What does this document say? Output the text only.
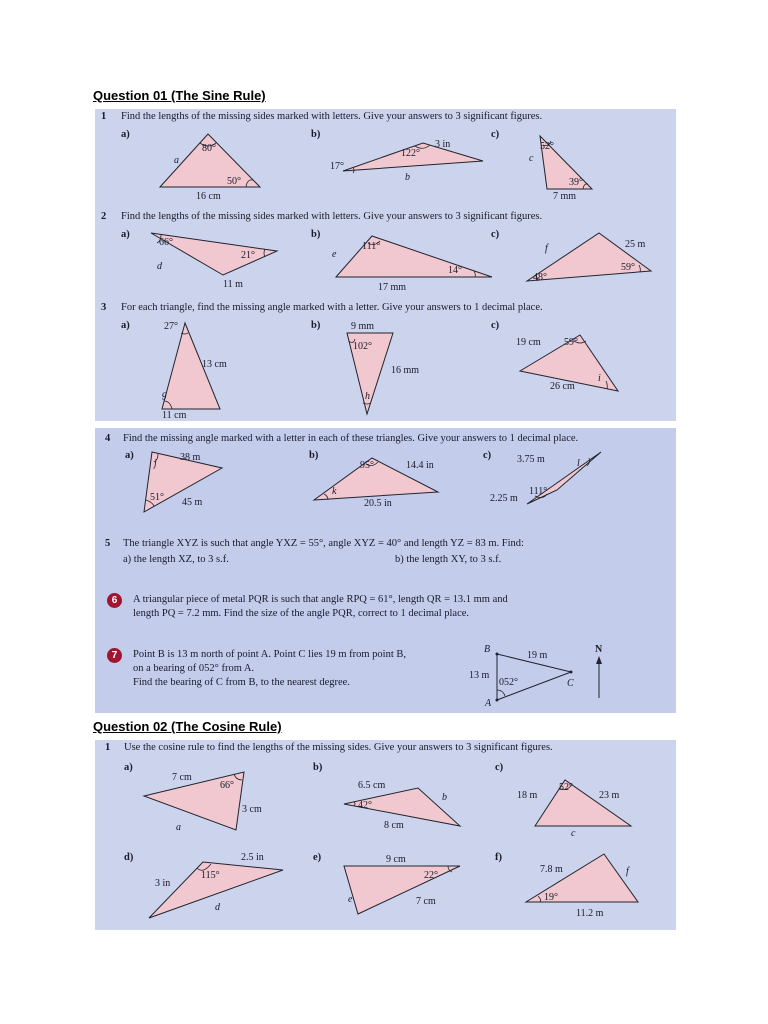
Question 01 (The Sine Rule)
1 Find the lengths of the missing sides marked with letters. Give your answers to 3 significant figures.
a)
80°
a
50°
16 cm
b)
3 in
122°
17°
b
c)
52°
c
39°
7 mm
2 Find the lengths of the missing sides marked with letters. Give your answers to 3 significant figures.
a)
66°
21°
d
11 m
b)
111°
e
14°
17 mm
c)
f	25 m
48°
59°
3 For each triangle, find the missing angle marked with a letter. Give your answers to 1 decimal place.
a)	27°
13 cm
g
11 cm
b)	9 mm
102°
16 mm
h
c)
19 cm 59°
26 cm
i
4 Find the missing angle marked with a letter in each of these triangles. Give your answers to 1 decimal place.
a)	38 m
j
51° 45 m
b)
95°	14.4 in
k
20.5 in
c)	3.75 m	l
111°
2.25 m
5 The triangle XYZ is such that angle YXZ = 55°, angle XYZ = 40° and length YZ = 83 m. Find:
a) the length XZ, to 3 s.f.	b) the length XY, to 3 s.f.
6	A triangular piece of metal PQR is such that angle RPQ = 61°, length QR = 13.1 mm and
length PQ = 7.2 mm. Find the size of the angle PQR, correct to 1 decimal place.
7	Point B is 13 m north of point A. Point C lies 19 m from point B,
on a bearing of 052° from A.
Find the bearing of C from B, to the nearest degree.
B
19 m
C
13 m
052°
A
N
Question 02 (The Cosine Rule)
1 Use the cosine rule to find the lengths of the missing sides. Give your answers to 3 significant figures.
a)
7 cm
66°
3 cm
a
b)
6.5 cm
42°
b
8 cm
c)
18 m
52°
23 m
c
d)	2.5 in
3 in
115°
d
e)	9 cm
22°
e	7 cm
f)
7.8 m	f
19°
11.2 m
